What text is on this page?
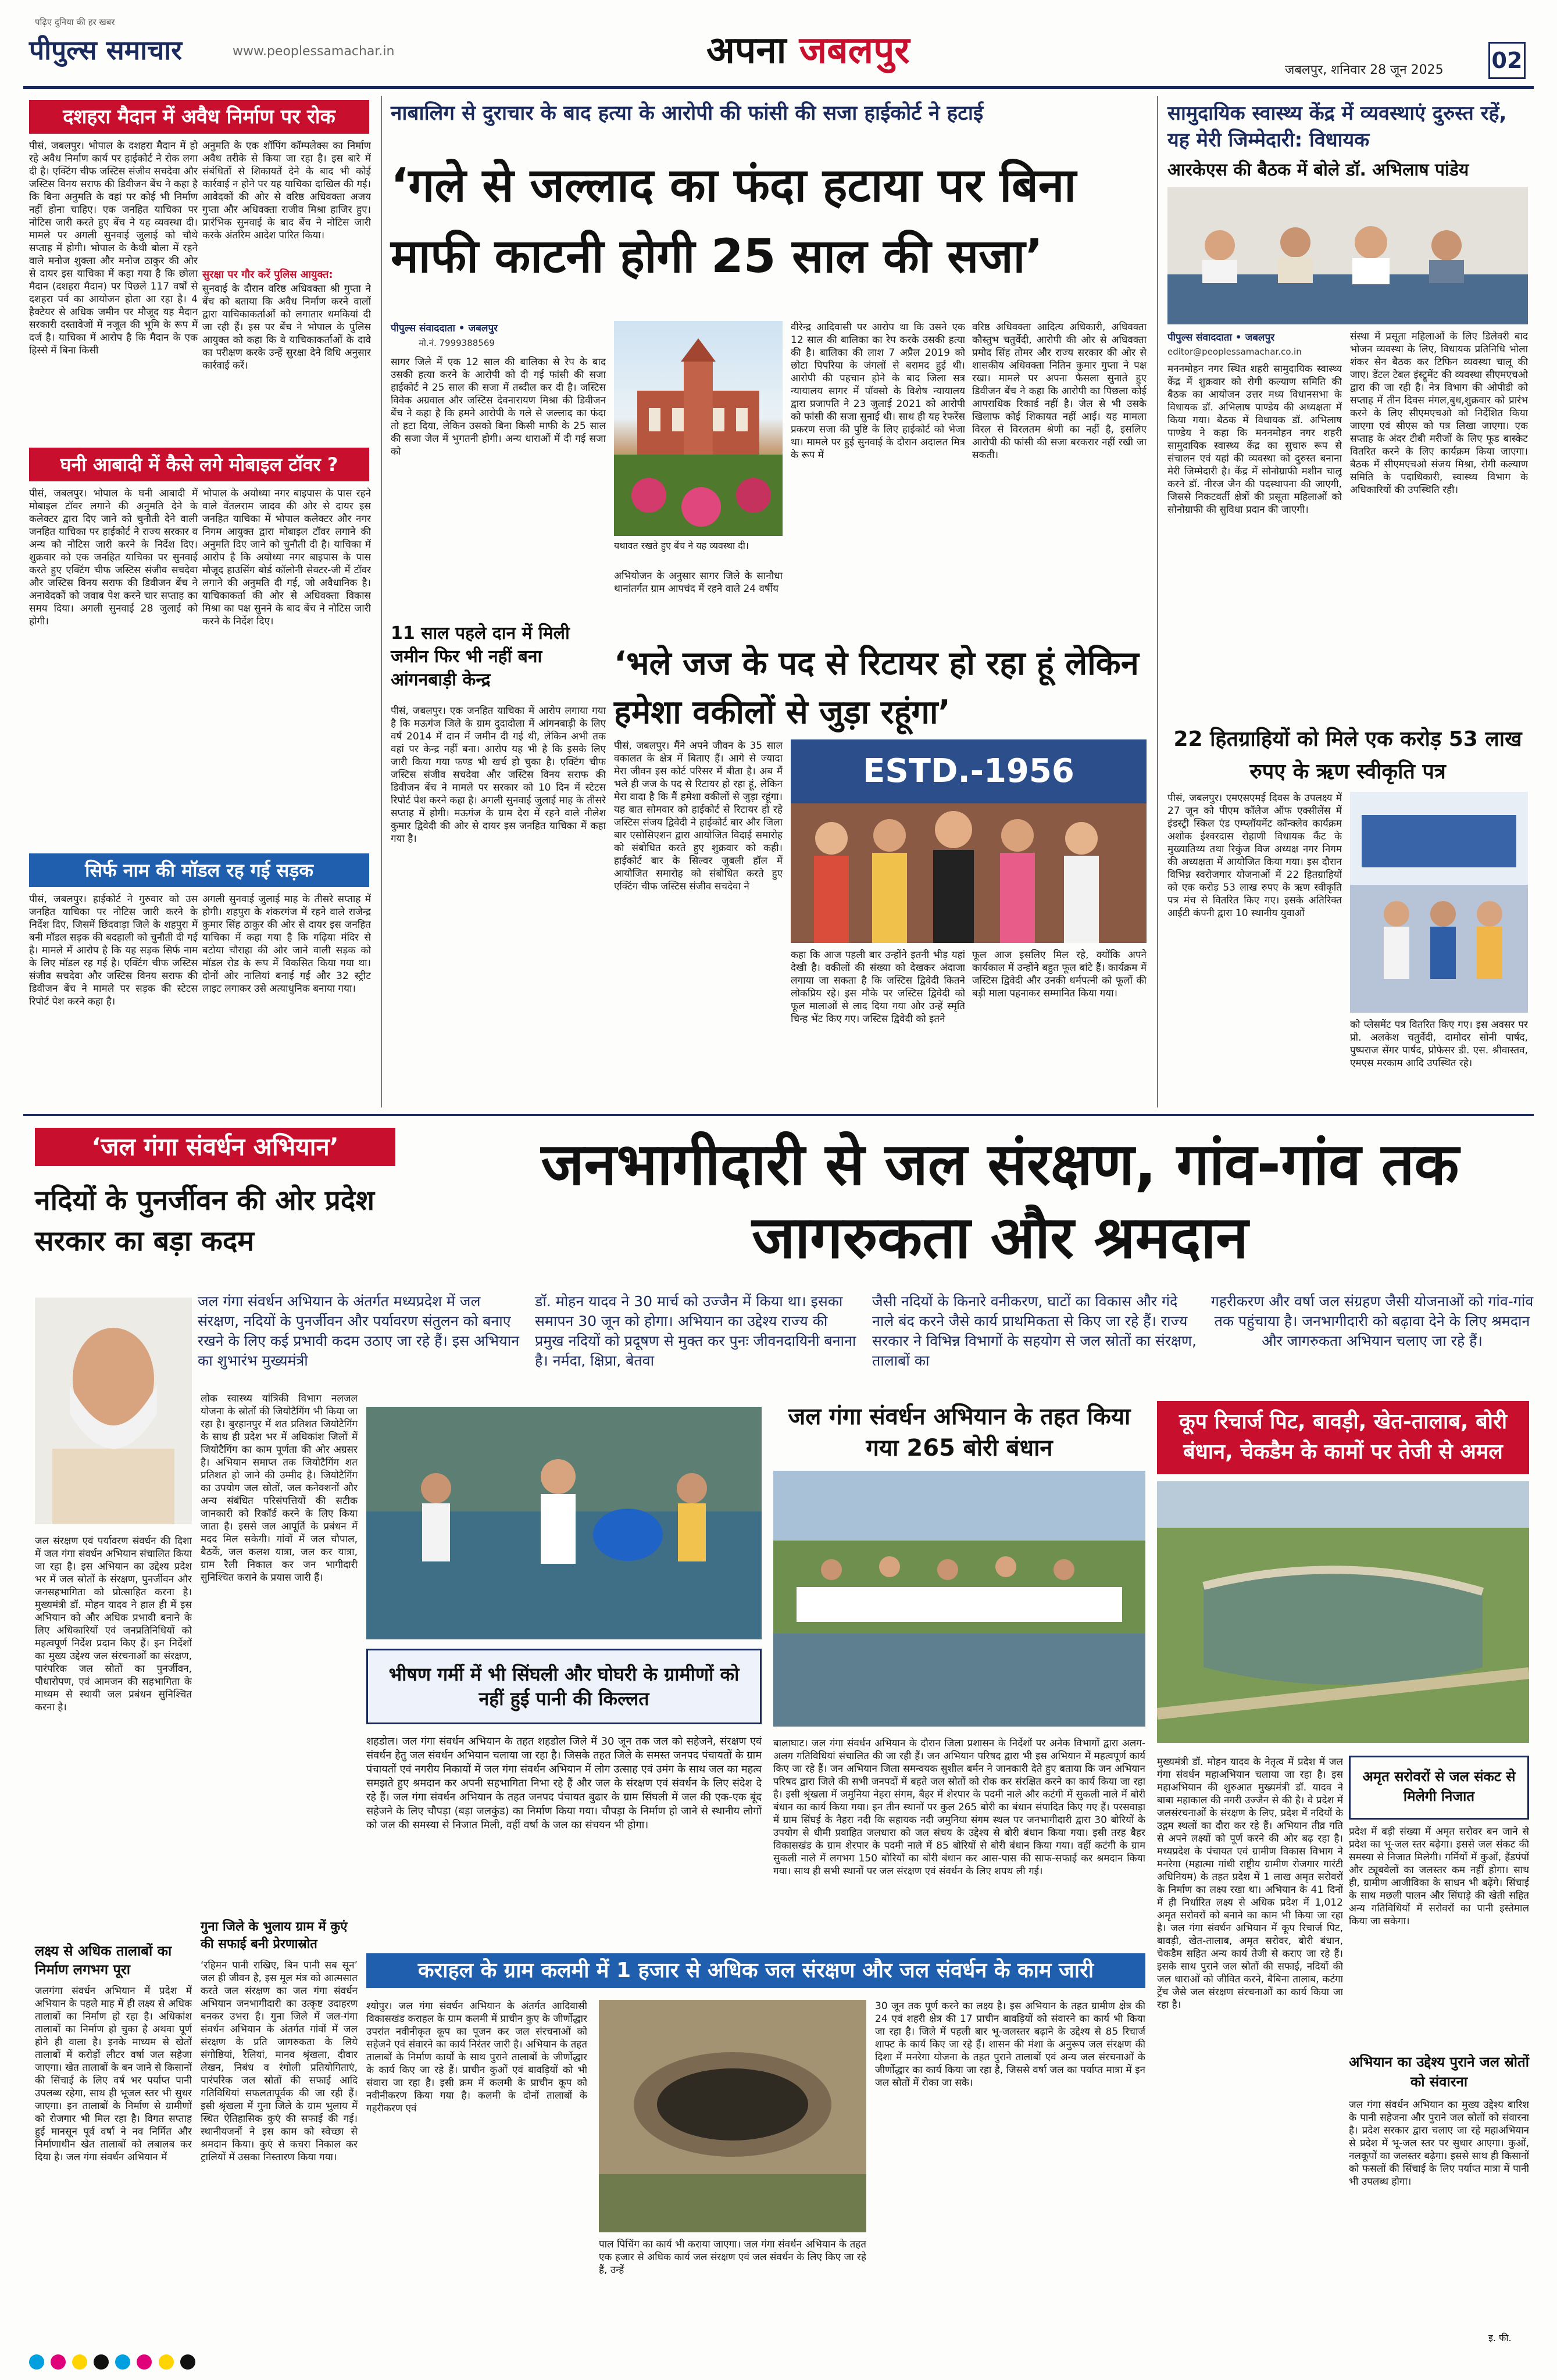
पीपुल्स समाचार
पढ़िए दुनिया की हर खबर
www.peoplessamachar.in	अपना जबलपुर	जबलपुर, शनिवार 28 जून 2025 02
दशहरा मैदान में अवैध निर्माण पर रोक
पीसं, जबलपुर। भोपाल के दशहरा मैदान में हो रहे अवैध निर्माण कार्य पर हाईकोर्ट ने रोक लगा दी है। एक्टिंग चीफ जस्टिस संजीव सचदेवा और जस्टिस विनय सराफ की डिवीजन बेंच ने कहा है कि बिना अनुमति के वहां पर कोई भी निर्माण नहीं होना चाहिए। एक जनहित याचिका पर नोटिस जारी करते हुए बेंच ने यह व्यवस्था दी। मामले पर अगली सुनवाई जुलाई को चौथे सप्ताह में होगी। भोपाल के कैथी बोला में रहने वाले मनोज शुक्ला और मनोज ठाकुर की ओर से दायर इस याचिका में कहा गया है कि छोला मैदान (दशहरा मैदान) पर पिछले 117 वर्षों से दशहरा पर्व का आयोजन होता आ रहा है। 4 हैक्टेयर से अधिक जमीन पर मौजूद यह मैदान सरकारी दस्तावेजों में नजूल की भूमि के रूप में दर्ज है। याचिका में आरोप है कि मैदान के एक हिस्से में बिना किसी
अनुमति के एक शॉपिंग कॉम्पलेक्स का निर्माण अवैध तरीके से किया जा रहा है। इस बारे में संबंधितों से शिकायतें देने के बाद भी कोई कार्रवाई न होने पर यह याचिका दाखिल की गई। आवेदकों की ओर से वरिष्ठ अधिवक्ता अजय गुप्ता और अधिवक्ता राजीव मिश्रा हाजिर हुए। प्रारंभिक सुनवाई के बाद बेंच ने नोटिस जारी करके अंतरिम आदेश पारित किया।
सुरक्षा पर गौर करें पुलिस आयुक्त:
सुनवाई के दौरान वरिष्ठ अधिवक्ता श्री गुप्ता ने बेंच को बताया कि अवैध निर्माण करने वालों द्वारा याचिकाकर्ताओं को लगातार धमकियां दी जा रही हैं। इस पर बेंच ने भोपाल के पुलिस आयुक्त को कहा कि वे याचिकाकर्ताओं के दावे का परीक्षण करके उन्हें सुरक्षा देने विधि अनुसार कार्रवाई करें।
घनी आबादी में कैसे लगे मोबाइल टॉवर ?
पीसं, जबलपुर। भोपाल के घनी आबादी में मोबाइल टॉवर लगाने की अनुमति देने के कलेक्टर द्वारा दिए जाने को चुनौती देने वाली जनहित याचिका पर हाईकोर्ट ने राज्य सरकार व अन्य को नोटिस जारी करने के निर्देश दिए। शुक्रवार को एक जनहित याचिका पर सुनवाई करते हुए एक्टिंग चीफ जस्टिस संजीव सचदेवा और जस्टिस विनय सराफ की डिवीजन बेंच ने अनावेदकों को जवाब पेश करने चार सप्ताह का समय दिया। अगली सुनवाई 28 जुलाई को होगी।
भोपाल के अयोध्या नगर बाइपास के पास रहने वाले वेंतलराम जादव की ओर से दायर इस जनहित याचिका में भोपाल कलेक्टर और नगर निगम आयुक्त द्वारा मोबाइल टॉवर लगाने की अनुमति दिए जाने को चुनौती दी है। याचिका में आरोप है कि अयोध्या नगर बाइपास के पास मौजूद हाउसिंग बोर्ड कॉलोनी सेक्टर-जी में टॉवर लगाने की अनुमति दी गई, जो अवैधानिक है। याचिकाकर्ता की ओर से अधिवक्ता विकास मिश्रा का पक्ष सुनने के बाद बेंच ने नोटिस जारी करने के निर्देश दिए।
सिर्फ नाम की मॉडल रह गई सड़क
पीसं, जबलपुर। हाईकोर्ट ने गुरुवार को उस जनहित याचिका पर नोटिस जारी करने के निर्देश दिए, जिसमें छिंदवाड़ा जिले के शहपुरा में बनी मॉडल सड़क की बदहाली को चुनौती दी गई है। मामले में आरोप है कि यह सड़क सिर्फ नाम के लिए मॉडल रह गई है। एक्टिंग चीफ जस्टिस संजीव सचदेवा और जस्टिस विनय सराफ की डिवीजन बेंच ने मामले पर सड़क की स्टेटस रिपोर्ट पेश करने कहा है।
अगली सुनवाई जुलाई माह के तीसरे सप्ताह में होगी। शहपुरा के शंकरगंज में रहने वाले राजेन्द्र कुमार सिंह ठाकुर की ओर से दायर इस जनहित याचिका में कहा गया है कि गढ़िया मंदिर से बटोया चौराहा की ओर जाने वाली सड़क को मॉडल रोड के रूप में विकसित किया गया था। दोनों ओर नालियां बनाई गई और 32 स्ट्रीट लाइट लगाकर उसे अत्याधुनिक बनाया गया।
नाबालिग से दुराचार के बाद हत्या के आरोपी की फांसी की सजा हाईकोर्ट ने हटाई
‘गले से जल्लाद का फंदा हटाया पर बिना माफी काटनी होगी 25 साल की सजा’
पीपुल्स संवाददाता • जबलपुर
मो.नं. 7999388569
यथावत रखते हुए बेंच ने यह व्यवस्था दी।
सागर जिले में एक 12 साल की बालिका से रेप के बाद उसकी हत्या करने के आरोपी को दी गई फांसी की सजा हाईकोर्ट ने 25 साल की सजा में तब्दील कर दी है। जस्टिस विवेक अग्रवाल और जस्टिस देवनारायण मिश्रा की डिवीजन बेंच ने कहा है कि हमने आरोपी के गले से जल्लाद का फंदा तो हटा दिया, लेकिन उसको बिना किसी माफी के 25 साल की सजा जेल में भुगतनी होगी। अन्य धाराओं में दी गई सजा को
अभियोजन के अनुसार सागर जिले के सानौधा थानांतर्गत ग्राम आपचंद में रहने वाले 24 वर्षीय
वीरेन्द्र आदिवासी पर आरोप था कि उसने एक 12 साल की बालिका का रेप करके उसकी हत्या की है। बालिका की लाश 7 अप्रैल 2019 को छोटा पिपरिया के जंगलों से बरामद हुई थी। आरोपी की पहचान होने के बाद जिला सत्र न्यायालय सागर में पॉक्सो के विशेष न्यायालय द्वारा प्रजापति ने 23 जुलाई 2021 को आरोपी को फांसी की सजा सुनाई थी। साथ ही यह रेफरेंस प्रकरण सजा की पुष्टि के लिए हाईकोर्ट को भेजा था। मामले पर हुई सुनवाई के दौरान अदालत मित्र के रूप में
वरिष्ठ अधिवक्ता आदित्य अधिकारी, अधिवक्ता कौस्तुभ चतुर्वेदी, आरोपी की ओर से अधिवक्ता प्रमोद सिंह तोमर और राज्य सरकार की ओर से शासकीय अधिवक्ता नितिन कुमार गुप्ता ने पक्ष रखा। मामले पर अपना फैसला सुनाते हुए डिवीजन बेंच ने कहा कि आरोपी का पिछला कोई आपराधिक रिकार्ड नहीं है। जेल से भी उसके खिलाफ कोई शिकायत नहीं आई। यह मामला विरल से विरलतम श्रेणी का नहीं है, इसलिए आरोपी की फांसी की सजा बरकरार नहीं रखी जा सकती।
11 साल पहले दान में मिली जमीन फिर भी नहीं बना आंगनबाड़ी केन्द्र
पीसं, जबलपुर। एक जनहित याचिका में आरोप लगाया गया है कि मऊगंज जिले के ग्राम दुदादोला में आंगनबाड़ी के लिए वर्ष 2014 में दान में जमीन दी गई थी, लेकिन अभी तक वहां पर केन्द्र नहीं बना। आरोप यह भी है कि इसके लिए जारी किया गया फण्ड भी खर्च हो चुका है। एक्टिंग चीफ जस्टिस संजीव सचदेवा और जस्टिस विनय सराफ की डिवीजन बेंच ने मामले पर सरकार को 10 दिन में स्टेटस रिपोर्ट पेश करने कहा है। अगली सुनवाई जुलाई माह के तीसरे सप्ताह में होगी। मऊगंज के ग्राम देरा में रहने वाले नीलेश कुमार द्विवेदी की ओर से दायर इस जनहित याचिका में कहा गया है।
‘भले जज के पद से रिटायर हो रहा हूं लेकिन हमेशा वकीलों से जुड़ा रहूंगा’
पीसं, जबलपुर। मैंने अपने जीवन के 35 साल वकालत के क्षेत्र में बिताए हैं। आगे से ज्यादा मेरा जीवन इस कोर्ट परिसर में बीता है। अब मैं भले ही जज के पद से रिटायर हो रहा हूं, लेकिन मेरा वादा है कि मैं हमेशा वकीलों से जुड़ा रहूंगा। यह बात सोमवार को हाईकोर्ट से रिटायर हो रहे जस्टिस संजय द्विवेदी ने हाईकोर्ट बार और जिला बार एसोसिएशन द्वारा आयोजित विदाई समारोह को संबोधित करते हुए शुक्रवार को कही। हाईकोर्ट बार के सिल्वर जुबली हॉल में आयोजित समारोह को संबोधित करते हुए एक्टिंग चीफ जस्टिस संजीव सचदेवा ने
ESTD.-1956
कहा कि आज पहली बार उन्होंने इतनी भीड़ यहां देखी है। वकीलों की संख्या को देखकर अंदाजा लगाया जा सकता है कि जस्टिस द्विवेदी कितने लोकप्रिय रहे। इस मौके पर जस्टिस द्विवेदी को फूल मालाओं से लाद दिया गया और उन्हें स्मृति चिन्ह भेंट किए गए। जस्टिस द्विवेदी को इतने
फूल आज इसलिए मिल रहे, क्योंकि अपने कार्यकाल में उन्होंने बहुत फूल बांटे हैं। कार्यक्रम में जस्टिस द्विवेदी और उनकी धर्मपत्नी को फूलों की बड़ी माला पहनाकर सम्मानित किया गया।
सामुदायिक स्वास्थ्य केंद्र में व्यवस्थाएं दुरुस्त रहें, यह मेरी जिम्मेदारी: विधायक
आरकेएस की बैठक में बोले डॉ. अभिलाष पांडेय
पीपुल्स संवाददाता • जबलपुर
editor@peoplessamachar.co.in
मननमोहन नगर स्थित शहरी सामुदायिक स्वास्थ्य केंद्र में शुक्रवार को रोगी कल्याण समिति की बैठक का आयोजन उत्तर मध्य विधानसभा के विधायक डॉ. अभिलाष पाण्डेय की अध्यक्षता में किया गया। बैठक में विधायक डॉ. अभिलाष पाण्डेय ने कहा कि मननमोहन नगर शहरी सामुदायिक स्वास्थ्य केंद्र का सुचारु रूप से संचालन एवं यहां की व्यवस्था को दुरुस्त बनाना मेरी जिम्मेदारी है। केंद्र में सोनोग्राफी मशीन चालू करने डॉ. नीरज जैन की पदस्थापना की जाएगी, जिससे निकटवर्ती क्षेत्रों की प्रसूता महिलाओं को सोनोग्राफी की सुविधा प्रदान की जाएगी।
संस्था में प्रसूता महिलाओं के लिए डिलेवरी बाद भोजन व्यवस्था के लिए, विधायक प्रतिनिधि भोला शंकर सेन बैठक कर टिफिन व्यवस्था चालू की जाए। डेंटल टेबल इंस्ट्रूमेंट की व्यवस्था सीएमएचओ द्वारा की जा रही है। नेत्र विभाग की ओपीडी को सप्ताह में तीन दिवस मंगल,बुध,शुक्रवार को प्रारंभ करने के लिए सीएमएचओ को निर्देशित किया जाएगा एवं सीएस को पत्र लिखा जाएगा। एक सप्ताह के अंदर टीबी मरीजों के लिए फूड बास्केट वितरित करने के लिए कार्यक्रम किया जाएगा। बैठक में सीएमएचओ संजय मिश्रा, रोगी कल्याण समिति के पदाधिकारी, स्वास्थ्य विभाग के अधिकारियों की उपस्थिति रही।
22 हितग्राहियों को मिले एक करोड़ 53 लाख रुपए के ऋण स्वीकृति पत्र
पीसं, जबलपुर। एमएसएमई दिवस के उपलक्ष्य में 27 जून को पीएम कॉलेज ऑफ एक्सीलेंस में इंडस्ट्री स्किल एंड एम्प्लॉयमेंट कॉन्क्लेव कार्यक्रम अशोक ईश्वरदास रोहाणी विधायक कैंट के मुख्यातिथ्य तथा रिकुंज विज अध्यक्ष नगर निगम की अध्यक्षता में आयोजित किया गया। इस दौरान विभिन्न स्वरोजगार योजनाओं में 22 हितग्राहियों को एक करोड़ 53 लाख रुपए के ऋण स्वीकृति पत्र मंच से वितरित किए गए। इसके अतिरिक्त आईटी कंपनी द्वारा 10 स्थानीय युवाओं
को प्लेसमेंट पत्र वितरित किए गए। इस अवसर पर प्रो. अलकेश चतुर्वेदी, दामोदर सोनी पार्षद, पुष्पराज सेंगर पार्षद, प्रोफेसर डी. एस. श्रीवास्तव, एमएस मरकाम आदि उपस्थित रहे।
‘जल गंगा संवर्धन अभियान’
नदियों के पुनर्जीवन की ओर प्रदेश सरकार का बड़ा कदम
जनभागीदारी से जल संरक्षण, गांव-गांव तक जागरुकता और श्रमदान
जल गंगा संवर्धन अभियान के अंतर्गत मध्यप्रदेश में जल संरक्षण, नदियों के पुनर्जीवन और पर्यावरण संतुलन को बनाए रखने के लिए कई प्रभावी कदम उठाए जा रहे हैं। इस अभियान का शुभारंभ मुख्यमंत्री
डॉ. मोहन यादव ने 30 मार्च को उज्जैन में किया था। इसका समापन 30 जून को होगा। अभियान का उद्देश्य राज्य की प्रमुख नदियों को प्रदूषण से मुक्त कर पुनः जीवनदायिनी बनाना है। नर्मदा, क्षिप्रा, बेतवा
जैसी नदियों के किनारे वनीकरण, घाटों का विकास और गंदे नाले बंद करने जैसे कार्य प्राथमिकता से किए जा रहे हैं। राज्य सरकार ने विभिन्न विभागों के सहयोग से जल स्रोतों का संरक्षण, तालाबों का
गहरीकरण और वर्षा जल संग्रहण जैसी योजनाओं को गांव-गांव तक पहुंचाया है। जनभागीदारी को बढ़ावा देने के लिए श्रमदान और जागरुकता अभियान चलाए जा रहे हैं।
जल संरक्षण एवं पर्यावरण संवर्धन की दिशा में जल गंगा संवर्धन अभियान संचालित किया जा रहा है। इस अभियान का उद्देश्य प्रदेश भर में जल स्रोतों के संरक्षण, पुनर्जीवन और जनसहभागिता को प्रोत्साहित करना है। मुख्यमंत्री डॉ. मोहन यादव ने हाल ही में इस अभियान को और अधिक प्रभावी बनाने के लिए अधिकारियों एवं जनप्रतिनिधियों को महत्वपूर्ण निर्देश प्रदान किए हैं। इन निर्देशों का मुख्य उद्देश्य जल संरचनाओं का संरक्षण, पारंपरिक जल स्रोतों का पुनर्जीवन, पौधारोपण, एवं आमजन की सहभागिता के माध्यम से स्थायी जल प्रबंधन सुनिश्चित करना है।
लक्ष्य से अधिक तालाबों का निर्माण लगभग पूरा
जलगंगा संवर्धन अभियान में प्रदेश में अभियान के पहले माह में ही लक्ष्य से अधिक तालाबों का निर्माण हो रहा है। अधिकांश तालाबों का निर्माण हो चुका है अथवा पूर्ण होने ही वाला है। इनके माध्यम से खेतों तालाबों में करोड़ों लीटर वर्षा जल सहेजा जाएगा। खेत तालाबों के बन जाने से किसानों की सिंचाई के लिए वर्ष भर पर्याप्त पानी उपलब्ध रहेगा, साथ ही भूजल स्तर भी सुधर जाएगा। इन तालाबों के निर्माण से ग्रामीणों को रोजगार भी मिल रहा है। विगत सप्ताह हुई मानसून पूर्व वर्षा ने नव निर्मित और निर्माणाधीन खेत तालाबों को लबालब कर दिया है। जल गंगा संवर्धन अभियान में
लोक स्वास्थ्य यांत्रिकी विभाग नलजल योजना के स्रोतों की जियोटैगिंग भी किया जा रहा है। बुरहानपुर में शत प्रतिशत जियोटैगिंग के साथ ही प्रदेश भर में अधिकांश जिलों में जियोटैगिंग का काम पूर्णता की ओर अग्रसर है। अभियान समाप्त तक जियोटैगिंग शत प्रतिशत हो जाने की उम्मीद है। जियोटैगिंग का उपयोग जल स्रोतों, जल कनेक्शनों और अन्य संबंधित परिसंपत्तियों की सटीक जानकारी को रिकॉर्ड करने के लिए किया जाता है। इससे जल आपूर्ति के प्रबंधन में मदद मिल सकेगी। गांवों में जल चौपाल, बैठकें, जल कलश यात्रा, जल कर यात्रा, ग्राम रैली निकाल कर जन भागीदारी सुनिश्चित कराने के प्रयास जारी हैं।
गुना जिले के भुलाय ग्राम में कुएं की सफाई बनी प्रेरणास्रोत
‘रहिमन पानी राखिए, बिन पानी सब सून’ जल ही जीवन है, इस मूल मंत्र को आत्मसात करते जल संरक्षण का जल गंगा संवर्धन अभियान जनभागीदारी का उत्कृष्ट उदाहरण बनकर उभरा है। गुना जिले में जल-गंगा संवर्धन अभियान के अंतर्गत गांवों में जल संरक्षण के प्रति जागरुकता के लिये संगोष्ठियां, रैलियां, मानव श्रृंखला, दीवार लेखन, निबंध व रंगोली प्रतियोगिताएं, पारंपरिक जल स्रोतों की सफाई आदि गतिविधियां सफलतापूर्वक की जा रही हैं। इसी श्रृंखला में गुना जिले के ग्राम भुलाय में स्थित ऐतिहासिक कुएं की सफाई की गई। स्थानीयजनों ने इस काम को स्वेच्छा से श्रमदान किया। कुएं से कचरा निकाल कर ट्रालियों में उसका निस्तारण किया गया।
भीषण गर्मी में भी सिंघली और घोघरी के ग्रामीणों को नहीं हुई पानी की किल्लत
शहडोल। जल गंगा संवर्धन अभियान के तहत शहडोल जिले में 30 जून तक जल को सहेजने, संरक्षण एवं संवर्धन हेतु जल संवर्धन अभियान चलाया जा रहा है। जिसके तहत जिले के समस्त जनपद पंचायतों के ग्राम पंचायतों एवं नगरीय निकायों में जल गंगा संवर्धन अभियान में लोग उत्साह एवं उमंग के साथ जल का महत्व समझते हुए श्रमदान कर अपनी सहभागिता निभा रहे हैं और जल के संरक्षण एवं संवर्धन के लिए संदेश दे रहे हैं। जल गंगा संवर्धन अभियान के तहत जनपद पंचायत बुढार के ग्राम सिंघली में जल की एक-एक बूंद सहेजने के लिए चौपड़ा (बड़ा जलकुंड) का निर्माण किया गया। चौपड़ा के निर्माण हो जाने से स्थानीय लोगों को जल की समस्या से निजात मिली, वहीं वर्षा के जल का संचयन भी होगा।
जल गंगा संवर्धन अभियान के तहत किया गया 265 बोरी बंधान
बालाघाट। जल गंगा संवर्धन अभियान के दौरान जिला प्रशासन के निर्देशों पर अनेक विभागों द्वारा अलग-अलग गतिविधियां संचालित की जा रही हैं। जन अभियान परिषद द्वारा भी इस अभियान में महत्वपूर्ण कार्य किए जा रहे हैं। जन अभियान जिला समन्वयक सुशील बर्मन ने जानकारी देते हुए बताया कि जन अभियान परिषद द्वारा जिले की सभी जनपदों में बहते जल स्रोतों को रोक कर संरक्षित करने का कार्य किया जा रहा है। इसी श्रृंखला में जमुनिया नेहरा संगम, बैहर में शेरपार के पदमी नाले और कटंगी में सुकली नाले में बोरी बंधान का कार्य किया गया। इन तीन स्थानों पर कुल 265 बोरी का बंधान संपादित किए गए हैं। परसवाड़ा में ग्राम सिंघई के नैहरा नदी कि सहायक नदी जमुनिया संगम स्थल पर जनभागीदारी द्वारा 30 बोरियों के उपयोग से धीमी प्रवाहित जलधारा को जल संचय के उद्देश्य से बोरी बंधान किया गया। इसी तरह बैहर विकासखंड के ग्राम शेरपार के पदमी नाले में 85 बोरियों से बोरी बंधान किया गया। वहीं कटंगी के ग्राम सुकली नाले में लगभग 150 बोरियों का बोरी बंधान कर आस-पास की साफ-सफाई कर श्रमदान किया गया। साथ ही सभी स्थानों पर जल संरक्षण एवं संवर्धन के लिए शपथ ली गई।
कूप रिचार्ज पिट, बावड़ी, खेत-तालाब, बोरी बंधान, चेकडैम के कामों पर तेजी से अमल
मुख्यमंत्री डॉ. मोहन यादव के नेतृत्व में प्रदेश में जल गंगा संवर्धन महाअभियान चलाया जा रहा है। इस महाअभियान की शुरुआत मुख्यमंत्री डॉ. यादव ने बाबा महाकाल की नगरी उज्जैन से की है। वे प्रदेश में जलसंरचनाओं के संरक्षण के लिए, प्रदेश में नदियों के उद्गम स्थलों का दौरा कर रहे हैं। अभियान तीव्र गति से अपने लक्ष्यों को पूर्ण करने की ओर बढ़ रहा है। मध्यप्रदेश के पंचायत एवं ग्रामीण विकास विभाग ने मनरेगा (महात्मा गांधी राष्ट्रीय ग्रामीण रोजगार गारंटी अधिनियम) के तहत प्रदेश में 1 लाख अमृत सरोवरों के निर्माण का लक्ष्य रखा था। अभियान के 41 दिनों में ही निर्धारित लक्ष्य से अधिक प्रदेश में 1,012 अमृत सरोवरों को बनाने का काम भी किया जा रहा है। जल गंगा संवर्धन अभियान में कूप रिचार्ज पिट, बावड़ी, खेत-तालाब, अमृत सरोवर, बोरी बंधान, चेकडैम सहित अन्य कार्य तेजी से कराए जा रहे हैं। इसके साथ पुराने जल स्रोतों की सफाई, नदियों की जल धाराओं को जीवित करने, बैबिना तालाब, कटंगा ट्रेंच जैसे जल संरक्षण संरचनाओं का कार्य किया जा रहा है।
अमृत सरोवरों से जल संकट से मिलेगी निजात
प्रदेश में बड़ी संख्या में अमृत सरोवर बन जाने से प्रदेश का भू-जल स्तर बढ़ेगा। इससे जल संकट की समस्या से निजात मिलेगी। गर्मियों में कुओं, हैंडपंपों और ट्यूबवेलों का जलस्तर कम नहीं होगा। साथ ही, ग्रामीण आजीविका के साधन भी बढ़ेंगे। सिंचाई के साथ मछली पालन और सिंघाड़े की खेती सहित अन्य गतिविधियों में सरोवरों का पानी इस्तेमाल किया जा सकेगा।
अभियान का उद्देश्य पुराने जल स्रोतों को संवारना
जल गंगा संवर्धन अभियान का मुख्य उद्देश्य बारिश के पानी सहेजना और पुराने जल स्रोतों को संवारना है। प्रदेश सरकार द्वारा चलाए जा रहे महाअभियान से प्रदेश में भू-जल स्तर पर सुधार आएगा। कुओं, नलकूपों का जलस्तर बढ़ेगा। इससे साथ ही किसानों को फसलों की सिंचाई के लिए पर्याप्त मात्रा में पानी भी उपलब्ध होगा।
कराहल के ग्राम कलमी में 1 हजार से अधिक जल संरक्षण और जल संवर्धन के काम जारी
श्योपुर। जल गंगा संवर्धन अभियान के अंतर्गत आदिवासी विकासखंड कराहल के ग्राम कलमी में प्राचीन कुए के जीर्णोद्धार उपरांत नवीनीकृत कूप का पूजन कर जल संरचनाओं को सहेजने एवं संवारने का कार्य निरंतर जारी है। अभियान के तहत तालाबों के निर्माण कार्यों के साथ पुराने तालाबों के जीर्णोद्धार के कार्य किए जा रहे हैं। प्राचीन कुओं एवं बावड़ियों को भी संवारा जा रहा है। इसी क्रम में कलमी के प्राचीन कूप को नवीनीकरण किया गया है। कलमी के दोनों तालाबों के गहरीकरण एवं
पाल पिचिंग का कार्य भी कराया जाएगा। जल गंगा संवर्धन अभियान के तहत एक हजार से अधिक कार्य जल संरक्षण एवं जल संवर्धन के लिए किए जा रहे हैं, उन्हें
30 जून तक पूर्ण करने का लक्ष्य है। इस अभियान के तहत ग्रामीण क्षेत्र की 24 एवं शहरी क्षेत्र की 17 प्राचीन बावड़ियों को संवारने का कार्य भी किया जा रहा है। जिले में पहली बार भू-जलस्तर बढ़ाने के उद्देश्य से 85 रिचार्ज शाफ्ट के कार्य किए जा रहे हैं। शासन की मंशा के अनुरूप जल संरक्षण की दिशा में मनरेगा योजना के तहत पुराने तालाबों एवं अन्य जल संरचनाओं के जीर्णोद्धार का कार्य किया जा रहा है, जिससे वर्षा जल का पर्याप्त मात्रा में इन जल स्रोतों में रोका जा सके।
इ. फी.
